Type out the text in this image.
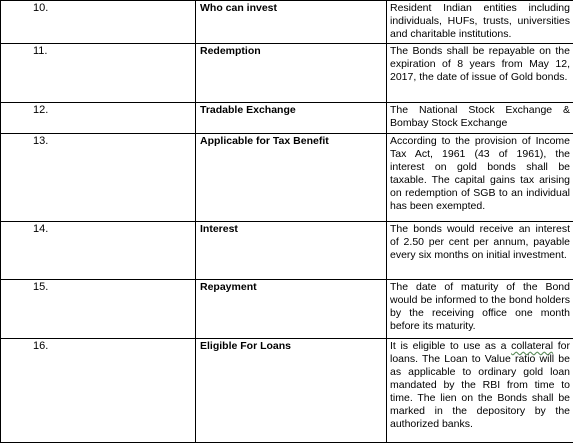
10.	Who can invest	Resident Indian entities including individuals, HUFs, trusts, universities and charitable institutions.
11.	Redemption	The Bonds shall be repayable on the expiration of 8 years from May 12, 2017, the date of issue of Gold bonds.
12.	Tradable Exchange	The National Stock Exchange & Bombay Stock Exchange
13.	Applicable for Tax Benefit	According to the provision of Income Tax Act, 1961 (43 of 1961), the interest on gold bonds shall be taxable. The capital gains tax arising on redemption of SGB to an individual has been exempted.
14.	Interest	The bonds would receive an interest of 2.50 per cent per annum, payable every six months on initial investment.
15.	Repayment	The date of maturity of the Bond would be informed to the bond holders by the receiving office one month before its maturity.
16.	Eligible For Loans	It is eligible to use as a collateral for loans. The Loan to Value ratio will be as applicable to ordinary gold loan mandated by the RBI from time to time. The lien on the Bonds shall be marked in the depository by the authorized banks.
